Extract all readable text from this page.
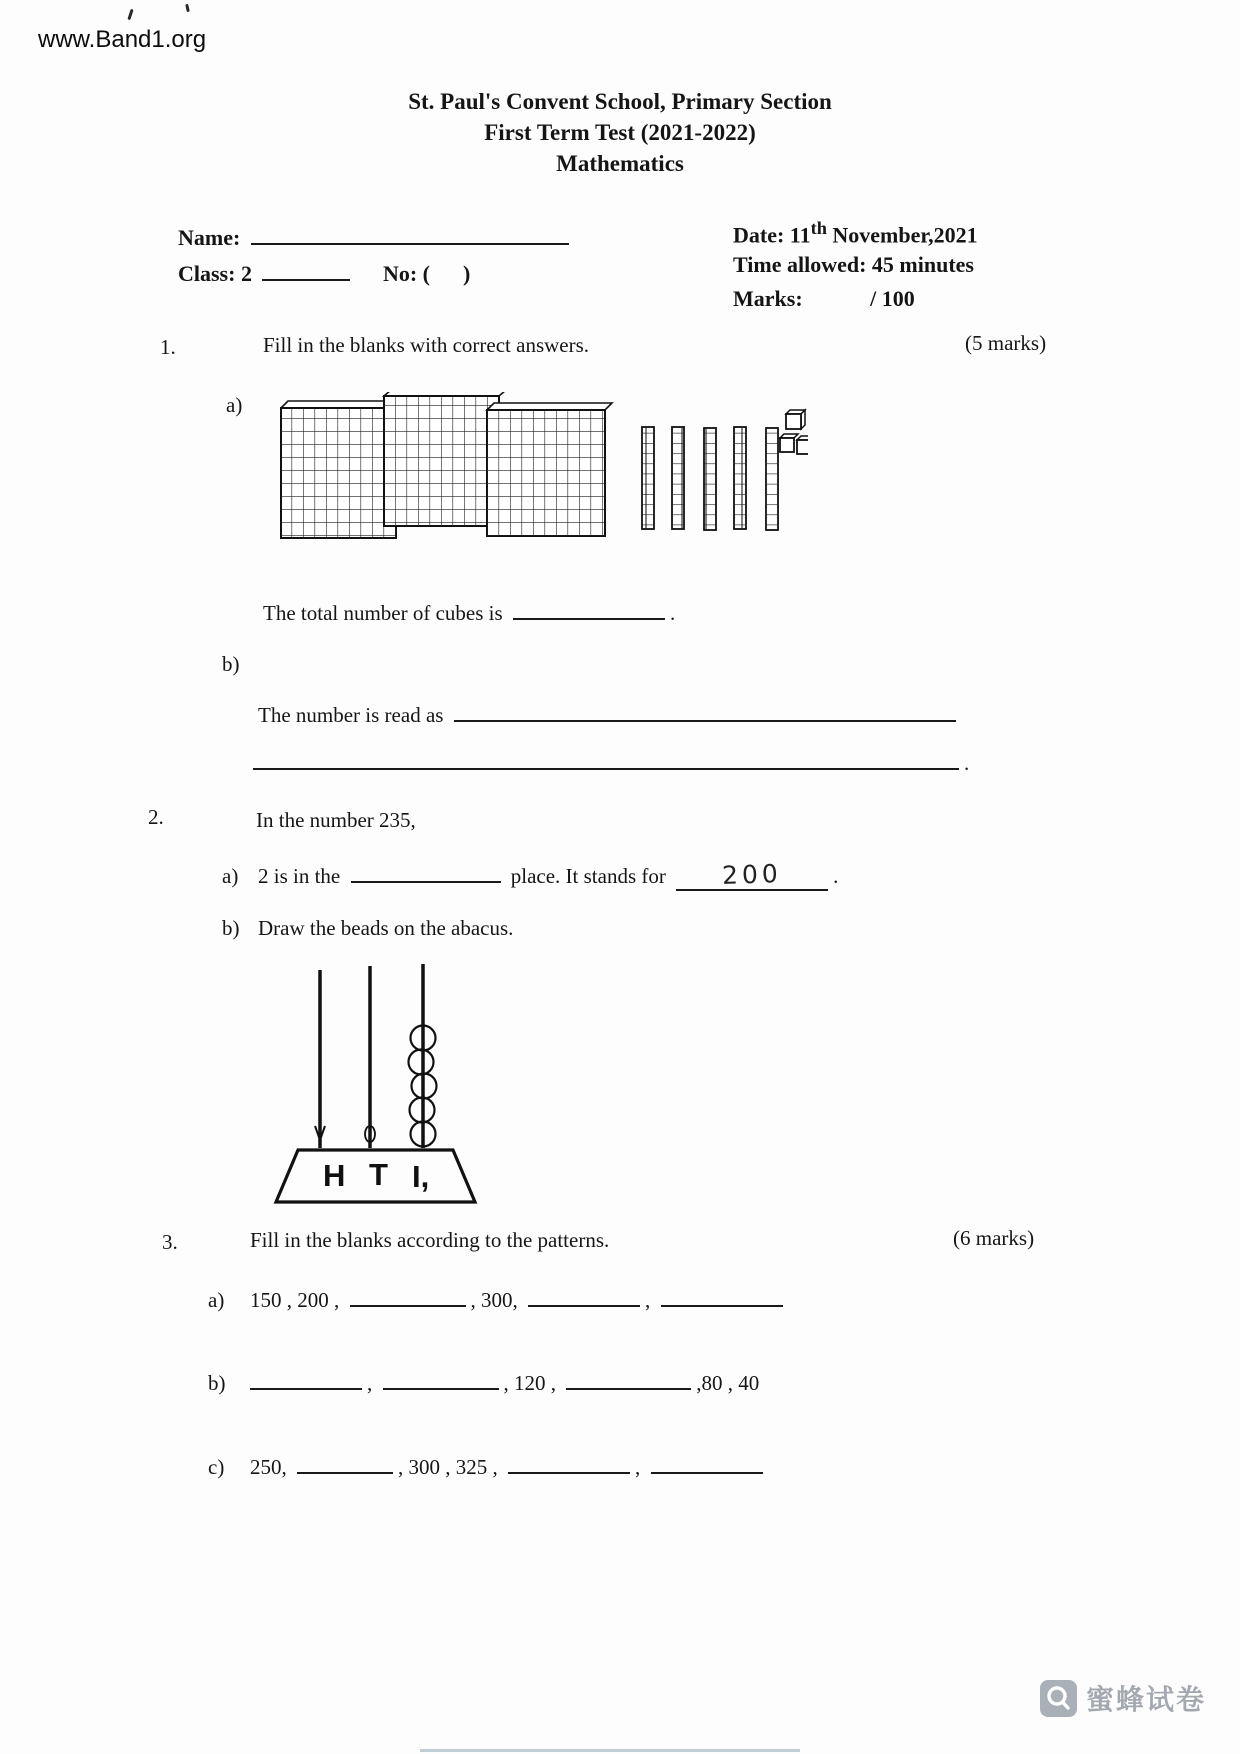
www.Band1.org
St. Paul's Convent School, Primary Section
First Term Test (2021-2022)
Mathematics
Name:
Class: 2	No: (      )
Date: 11th November,2021
Time allowed: 45 minutes
Marks:	/ 100
1.	Fill in the blanks with correct answers.	(5 marks)
a)
The total number of cubes is	.
b)
The number is read as
.
2.	In the number 235,
a) 2 is in the	place. It stands for 200 .
b) Draw the beads on the abacus.
H T I,
3.	Fill in the blanks according to the patterns.	(6 marks)
a) 150 , 200 ,	, 300,	,
b)	,	, 120 ,	,80 , 40
c) 250,	, 300 , 325 ,	,
蜜蜂试卷
